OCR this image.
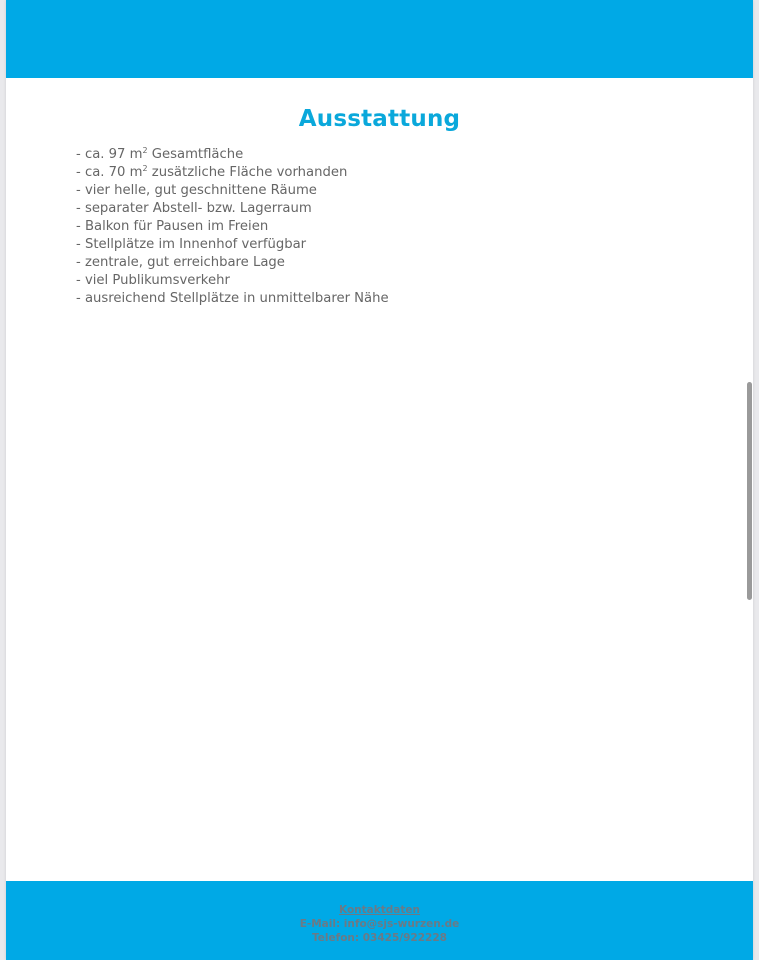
Ausstattung
- ca. 97 $m^2$ Gesamtfläche
- ca. 70 $m^2$ zusätzliche Fläche vorhanden
- vier helle, gut geschnittene Räume
- separater Abstell- bzw. Lagerraum
- Balkon für Pausen im Freien
- Stellplätze im Innenhof verfügbar
- zentrale, gut erreichbare Lage
- viel Publikumsverkehr
- ausreichend Stellplätze in unmittelbarer Nähe
Kontaktdaten
E-Mail: info@sjs-wurzen.de
Telefon: 03425/922228
